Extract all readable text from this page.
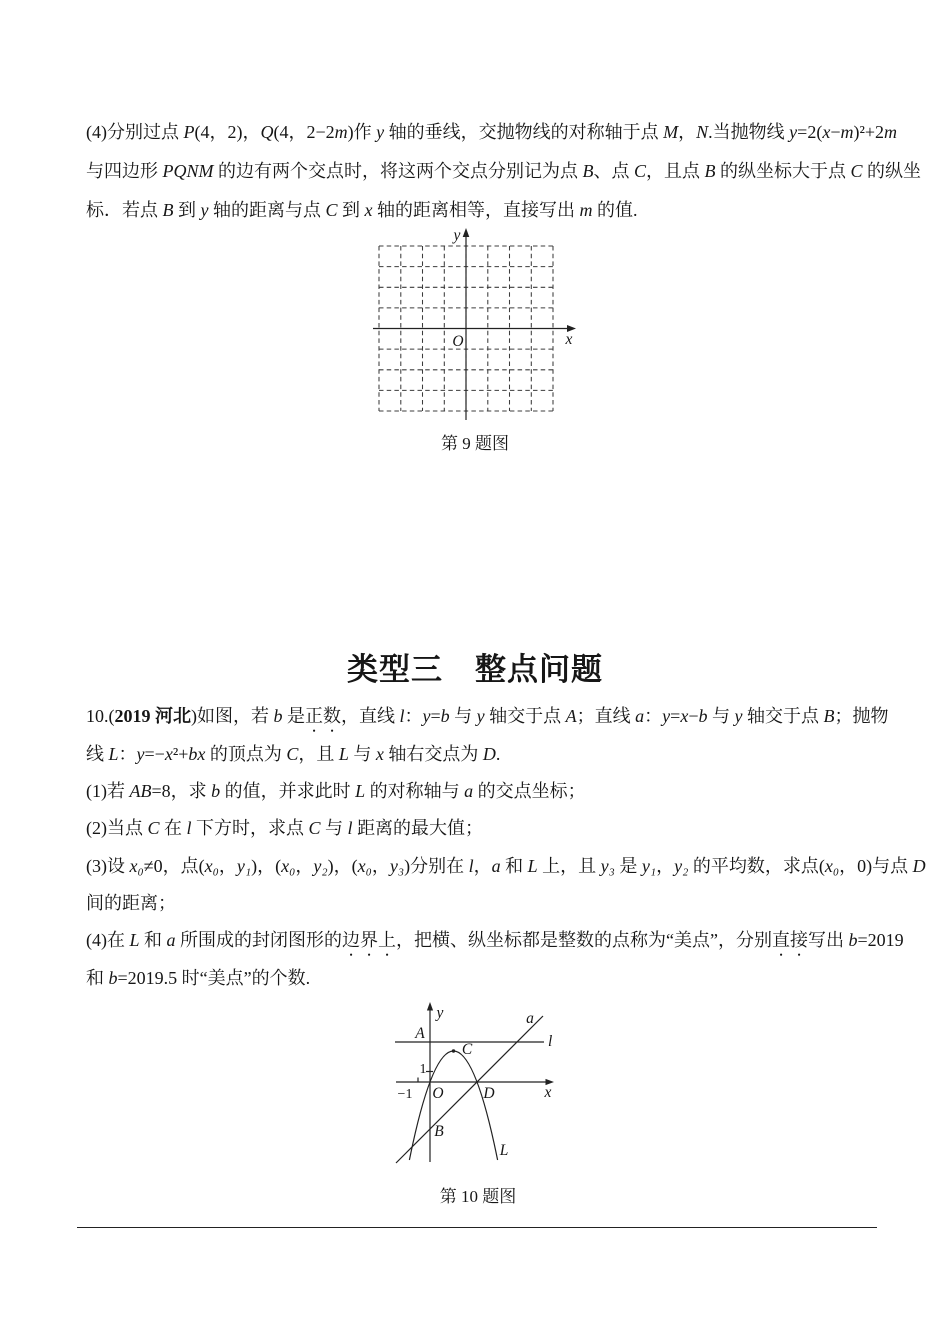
(4)分别过点 P(4，2)，Q(4，2−2m)作 y 轴的垂线，交抛物线的对称轴于点 M，N.当抛物线 y=2(x−m)²+2m
与四边形 PQNM 的边有两个交点时，将这两个交点分别记为点 B、点 C，且点 B 的纵坐标大于点 C 的纵坐
标．若点 B 到 y 轴的距离与点 C 到 x 轴的距离相等，直接写出 m 的值.
y
x
O
第 9 题图
类型三　整点问题
10.(2019 河北)如图，若 b 是正数，直线 l：y=b 与 y 轴交于点 A；直线 a：y=x−b 与 y 轴交于点 B；抛物
线 L：y=−x²+bx 的顶点为 C，且 L 与 x 轴右交点为 D.
(1)若 AB=8，求 b 的值，并求此时 L 的对称轴与 a 的交点坐标；
(2)当点 C 在 l 下方时，求点 C 与 l 距离的最大值；
(3)设 x₀≠0，点(x₀，y₁)，(x₀，y₂)，(x₀，y₃)分别在 l，a 和 L 上，且 y₃ 是 y₁，y₂ 的平均数，求点(x₀，0)与点 D
间的距离；
(4)在 L 和 a 所围成的封闭图形的边界上，把横、纵坐标都是整数的点称为“美点”，分别直接写出 b=2019
和 b=2019.5 时“美点”的个数.
y
x
A	l
a
C
1
−1 O	D
B
L
第 10 题图
